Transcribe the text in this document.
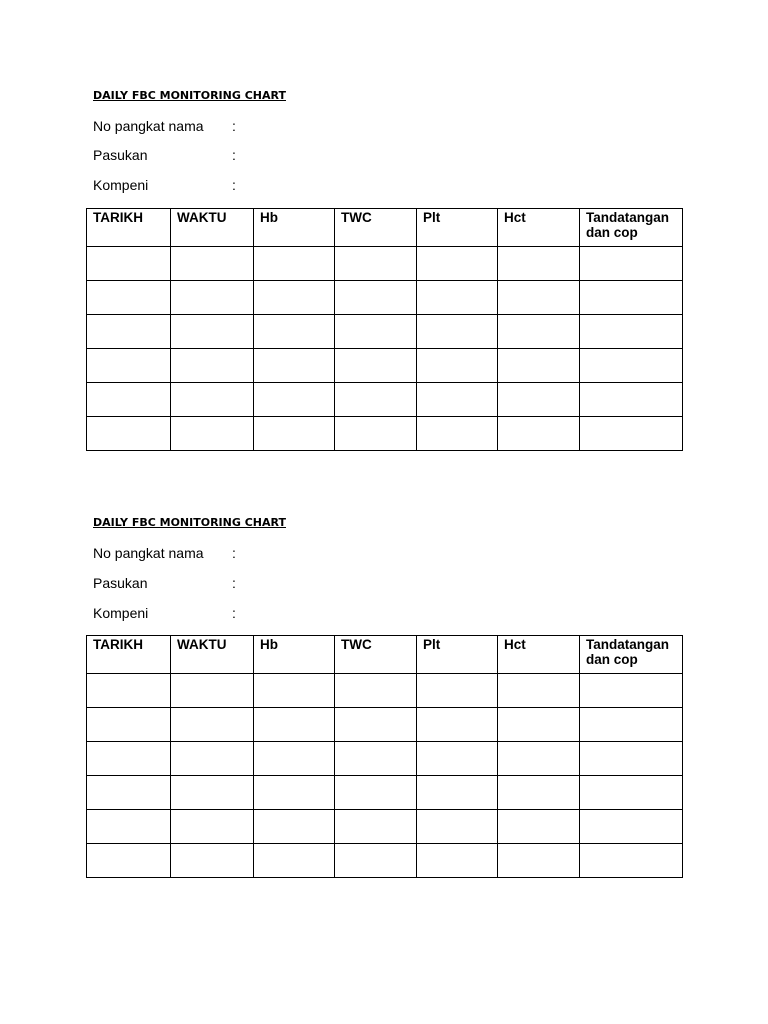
DAILY FBC MONITORING CHART
No pangkat nama :
Pasukan	:
Kompeni	:
TARIKH	WAKTU	Hb	TWC	Plt	Hct	Tandatangan dan cop

DAILY FBC MONITORING CHART
No pangkat nama :
Pasukan	:
Kompeni	:
TARIKH	WAKTU	Hb	TWC	Plt	Hct	Tandatangan dan cop
